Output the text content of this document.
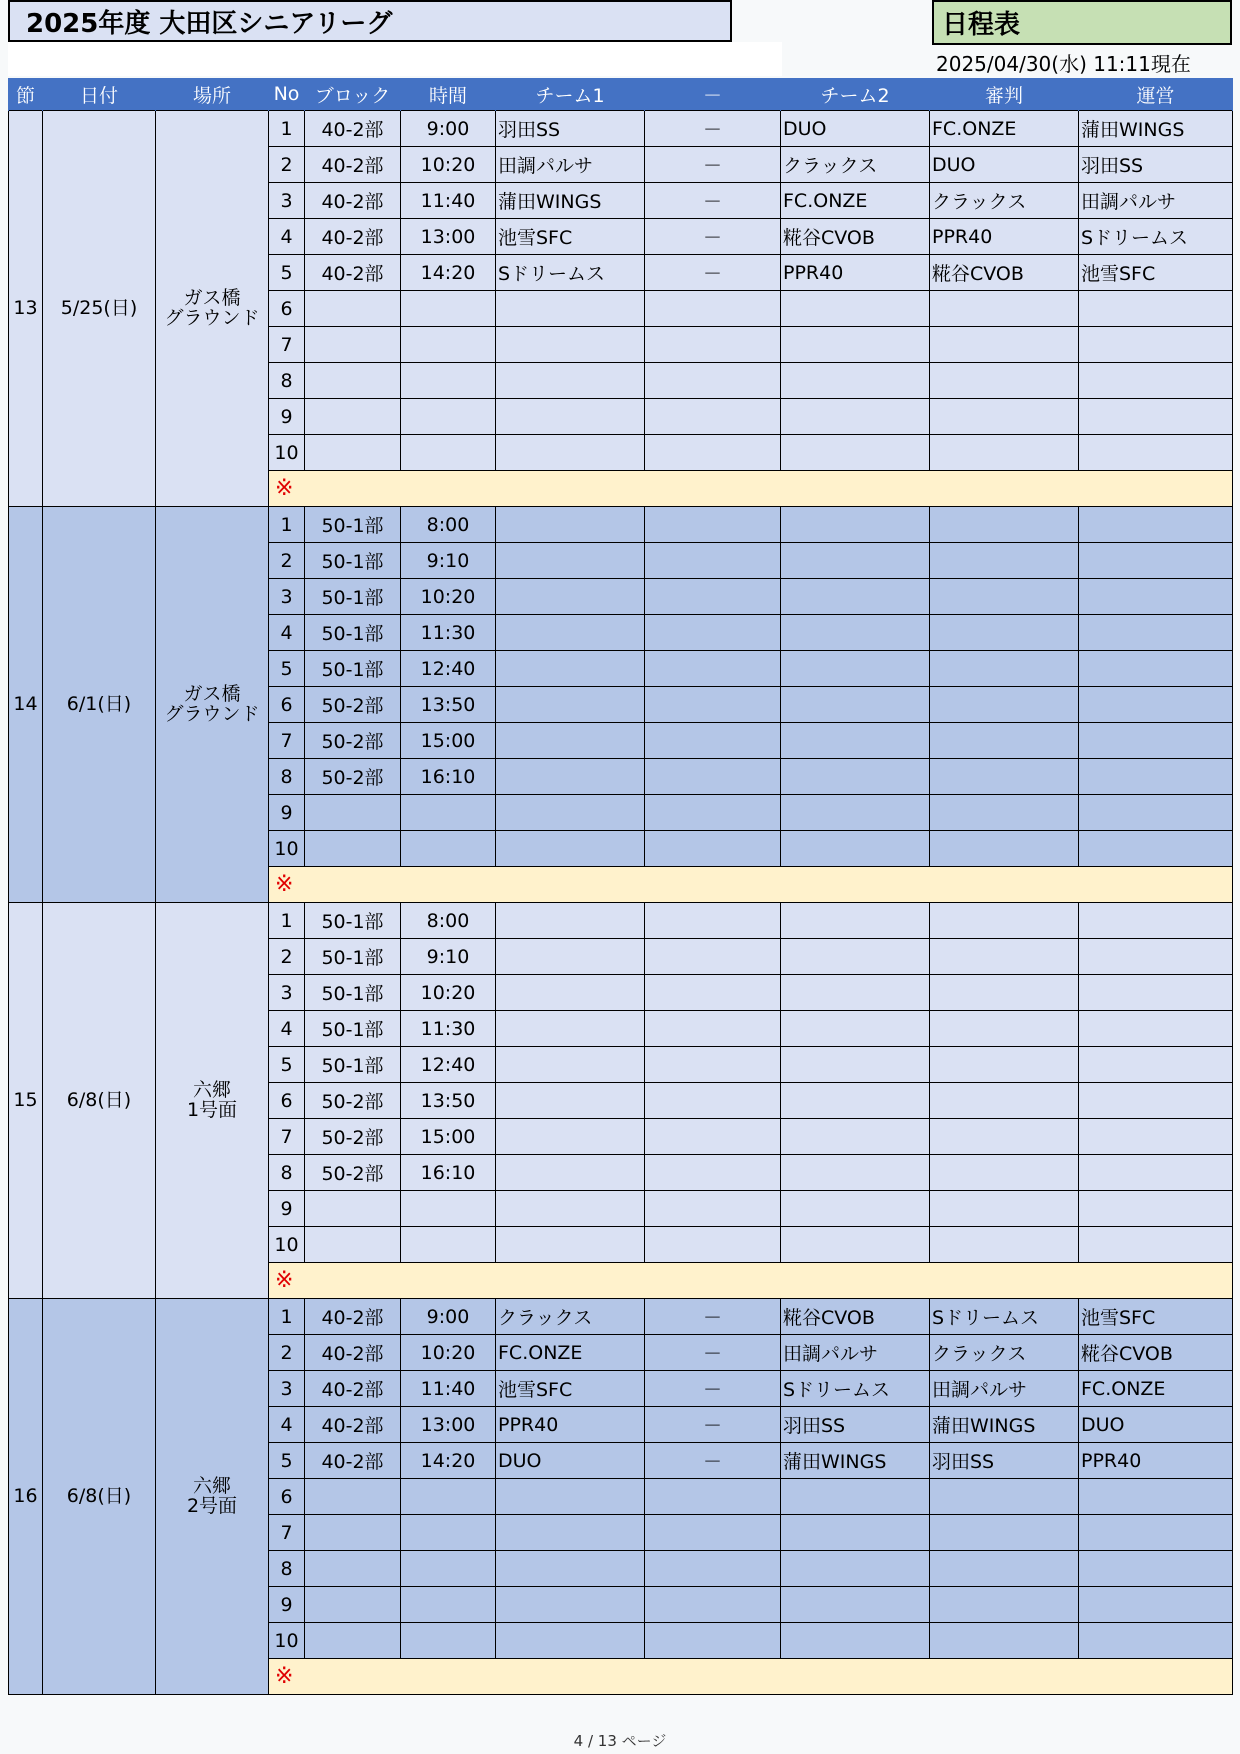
2025年度 大田区シニアリーグ	日程表
2025/04/30(水) 11:11現在
節	日付	場所	No	ブロック	時間	チーム1	－	チーム2	審判	運営
13	5/25(日)	ガス橋
グラウンド	1	40-2部	9:00	羽田SS	－	DUO	FC.ONZE	蒲田WINGS
			2	40-2部	10:20	田調パルサ	－	クラックス	DUO	羽田SS
			3	40-2部	11:40	蒲田WINGS	－	FC.ONZE	クラックス	田調パルサ
			4	40-2部	13:00	池雪SFC	－	糀谷CVOB	PPR40	Sドリームス
			5	40-2部	14:20	Sドリームス	－	PPR40	糀谷CVOB	池雪SFC
			6							
			7							
			8							
			9							
			10							
			※							
14	6/1(日)	ガス橋
グラウンド	1	50-1部	8:00					
			2	50-1部	9:10					
			3	50-1部	10:20					
			4	50-1部	11:30					
			5	50-1部	12:40					
			6	50-2部	13:50					
			7	50-2部	15:00					
			8	50-2部	16:10					
			9							
			10							
			※							
15	6/8(日)	六郷
1号面	1	50-1部	8:00					
			2	50-1部	9:10					
			3	50-1部	10:20					
			4	50-1部	11:30					
			5	50-1部	12:40					
			6	50-2部	13:50					
			7	50-2部	15:00					
			8	50-2部	16:10					
			9							
			10							
			※							
16	6/8(日)	六郷
2号面	1	40-2部	9:00	クラックス	－	糀谷CVOB	Sドリームス	池雪SFC
			2	40-2部	10:20	FC.ONZE	－	田調パルサ	クラックス	糀谷CVOB
			3	40-2部	11:40	池雪SFC	－	Sドリームス	田調パルサ	FC.ONZE
			4	40-2部	13:00	PPR40	－	羽田SS	蒲田WINGS	DUO
			5	40-2部	14:20	DUO	－	蒲田WINGS	羽田SS	PPR40
			6							
			7							
			8							
			9							
			10							
			※							
4 / 13 ページ
